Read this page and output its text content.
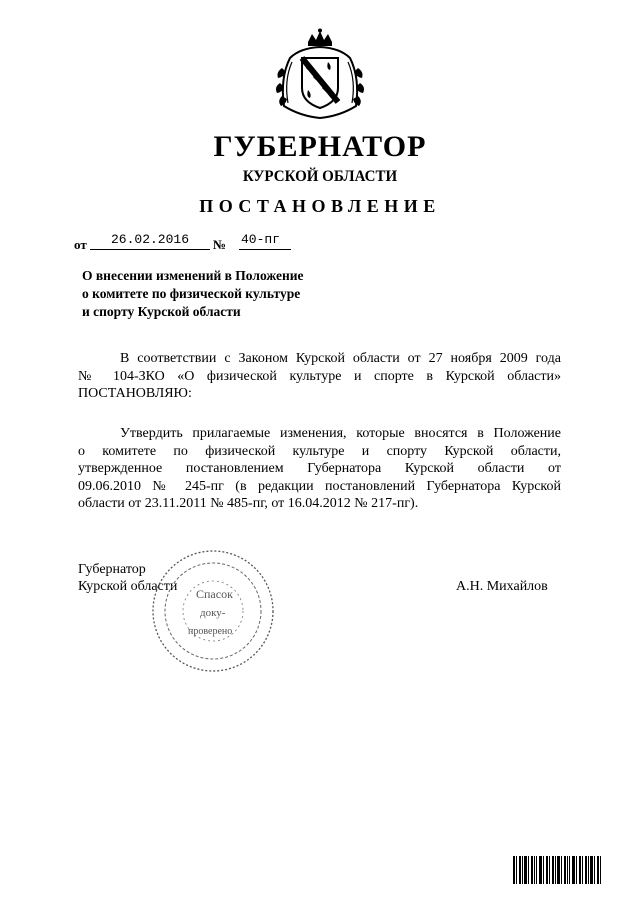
ГУБЕРНАТОР
КУРСКОЙ ОБЛАСТИ
ПОСТАНОВЛЕНИЕ
от	26.02.2016	№ 40-пг
О внесении изменений в Положение
о комитете по физической культуре
и спорту Курской области
В соответствии с Законом Курской области от 27 ноября 2009 года
№ 104-ЗКО «О физической культуре и спорте в Курской области»
ПОСТАНОВЛЯЮ:
Утвердить прилагаемые изменения, которые вносятся в Положение
о комитете по физической культуре и спорту Курской области,
утвержденное постановлением Губернатора Курской области от
09.06.2010 № 245-пг (в редакции постановлений Губернатора Курской
области от 23.11.2011 № 485-пг, от 16.04.2012 № 217-пг).
Губернатор
Курской области Спасок
доку-
проверено
А.Н. Михайлов
